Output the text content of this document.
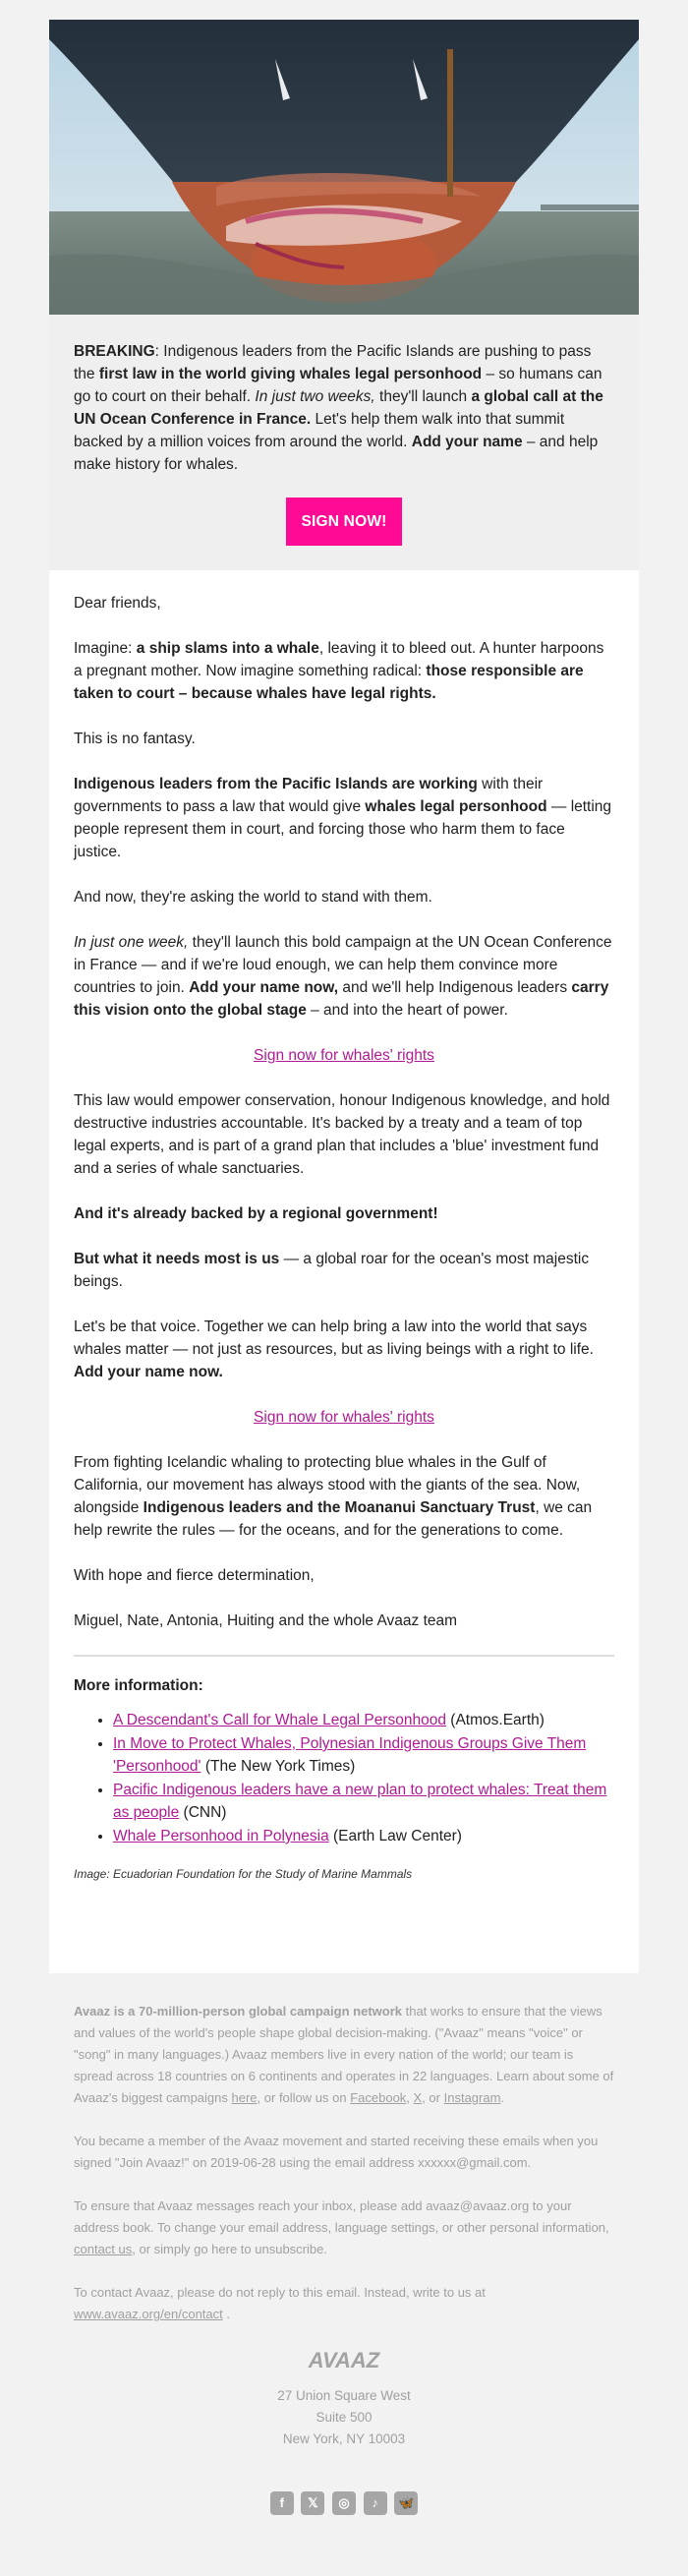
BREAKING: Indigenous leaders from the Pacific Islands are pushing to pass the first law in the world giving whales legal personhood – so humans can go to court on their behalf. In just two weeks, they'll launch a global call at the UN Ocean Conference in France. Let's help them walk into that summit backed by a million voices from around the world. Add your name – and help make history for whales.
SIGN NOW!

Dear friends,

Imagine: a ship slams into a whale, leaving it to bleed out. A hunter harpoons a pregnant mother. Now imagine something radical: those responsible are taken to court – because whales have legal rights.

This is no fantasy.

Indigenous leaders from the Pacific Islands are working with their governments to pass a law that would give whales legal personhood — letting people represent them in court, and forcing those who harm them to face justice.

And now, they're asking the world to stand with them.

In just one week, they'll launch this bold campaign at the UN Ocean Conference in France — and if we're loud enough, we can help them convince more countries to join. Add your name now, and we'll help Indigenous leaders carry this vision onto the global stage – and into the heart of power.

Sign now for whales' rights

This law would empower conservation, honour Indigenous knowledge, and hold destructive industries accountable. It's backed by a treaty and a team of top legal experts, and is part of a grand plan that includes a 'blue' investment fund and a series of whale sanctuaries.

And it's already backed by a regional government!

But what it needs most is us — a global roar for the ocean's most majestic beings.

Let's be that voice. Together we can help bring a law into the world that says whales matter — not just as resources, but as living beings with a right to life. Add your name now.

Sign now for whales' rights

From fighting Icelandic whaling to protecting blue whales in the Gulf of California, our movement has always stood with the giants of the sea. Now, alongside Indigenous leaders and the Moananui Sanctuary Trust, we can help rewrite the rules — for the oceans, and for the generations to come.

With hope and fierce determination,

Miguel, Nate, Antonia, Huiting and the whole Avaaz team

More information:
• A Descendant's Call for Whale Legal Personhood (Atmos.Earth)
• In Move to Protect Whales, Polynesian Indigenous Groups Give Them 'Personhood' (The New York Times)
• Pacific Indigenous leaders have a new plan to protect whales: Treat them as people (CNN)
• Whale Personhood in Polynesia (Earth Law Center)
Image: Ecuadorian Foundation for the Study of Marine Mammals

Avaaz is a 70-million-person global campaign network that works to ensure that the views and values of the world's people shape global decision-making. ("Avaaz" means "voice" or "song" in many languages.) Avaaz members live in every nation of the world; our team is spread across 18 countries on 6 continents and operates in 22 languages. Learn about some of Avaaz's biggest campaigns here, or follow us on Facebook, X, or Instagram.

You became a member of the Avaaz movement and started receiving these emails when you signed "Join Avaaz!" on 2019-06-28 using the email address xxxxxx@gmail.com.

To ensure that Avaaz messages reach your inbox, please add avaaz@avaaz.org to your address book. To change your email address, language settings, or other personal information, contact us, or simply go here to unsubscribe.

To contact Avaaz, please do not reply to this email. Instead, write to us at www.avaaz.org/en/contact .

AVAAZ
27 Union Square West
Suite 500
New York, NY 10003
f 𝕏 ◎ ♪ 🦋
